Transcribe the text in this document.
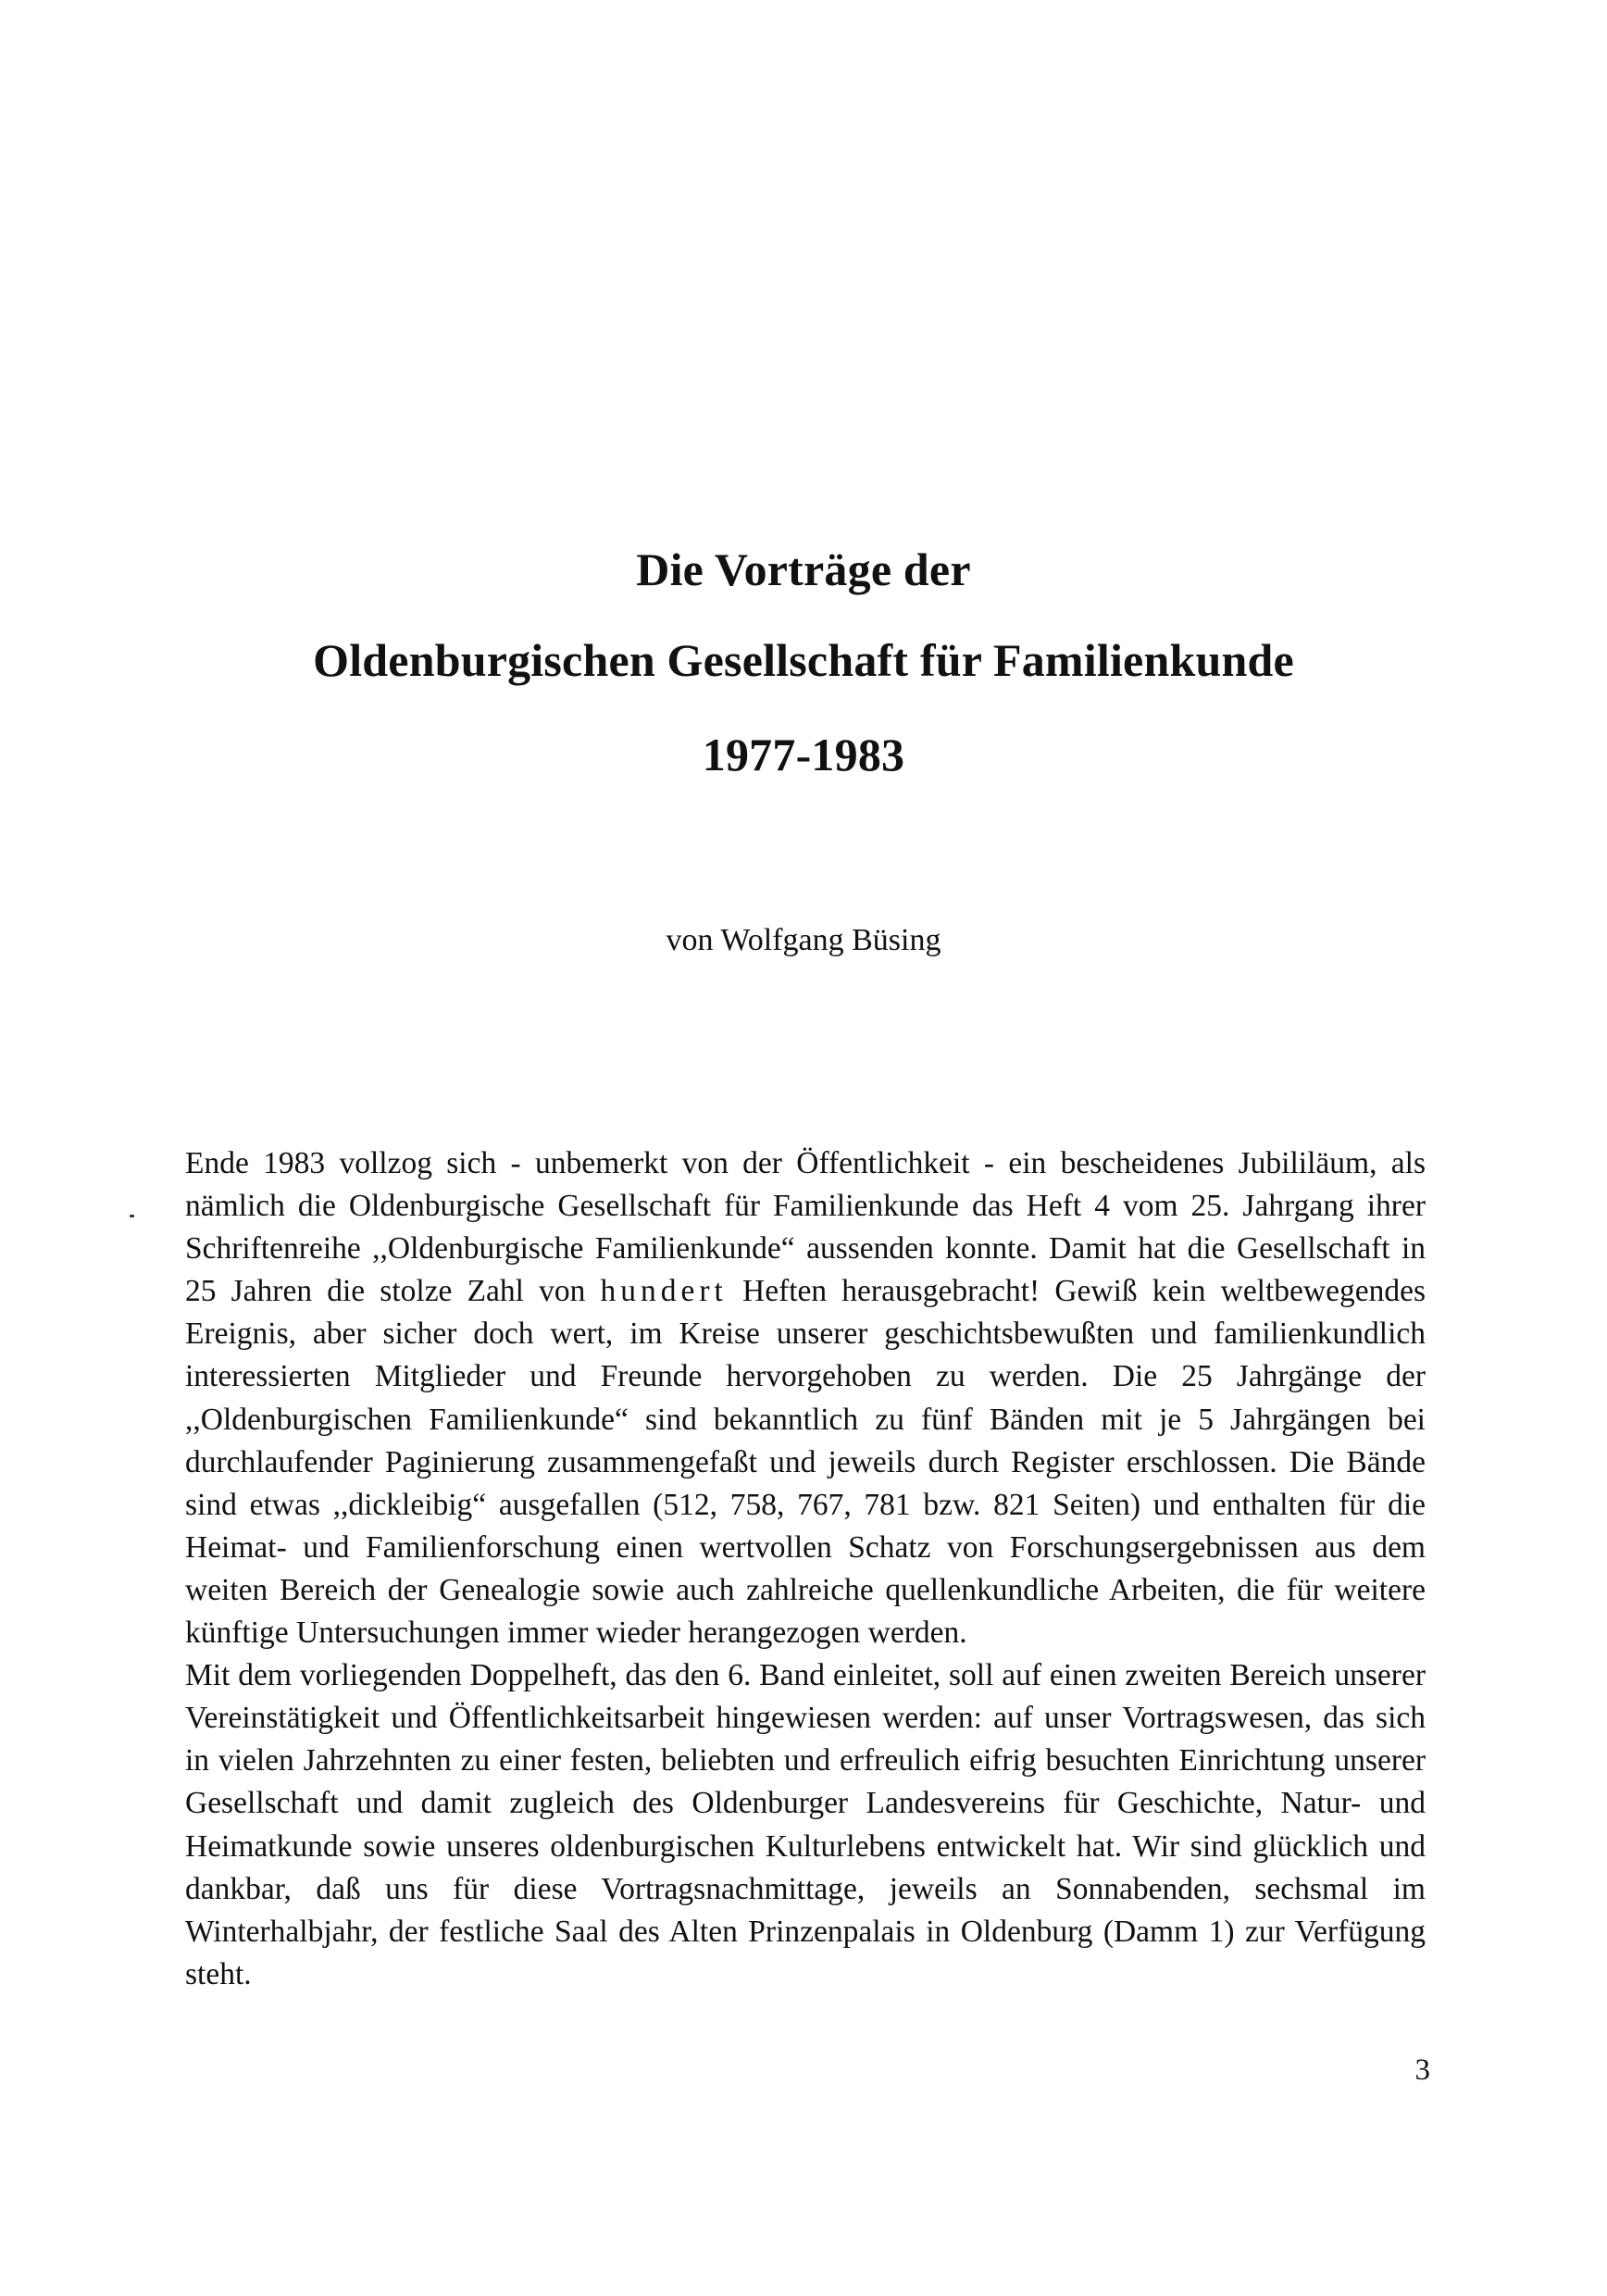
Die Vorträge der
Oldenburgischen Gesellschaft für Familienkunde
1977-1983
von Wolfgang Büsing

Ende 1983 vollzog sich - unbemerkt von der Öffentlichkeit - ein bescheidenes Jubililäum, als nämlich die Oldenburgische Gesellschaft für Familienkunde das Heft 4 vom 25. Jahrgang ihrer Schriftenreihe ,,Oldenburgische Familienkunde“ aussenden konnte. Damit hat die Gesellschaft in 25 Jahren die stolze Zahl von hundert Heften herausgebracht! Gewiß kein weltbewegendes Ereignis, aber sicher doch wert, im Kreise unserer geschichtsbewußten und familienkundlich interessierten Mitglieder und Freunde hervorgehoben zu werden. Die 25 Jahrgänge der ,,Oldenburgischen Familienkunde“ sind bekanntlich zu fünf Bänden mit je 5 Jahrgängen bei durchlaufender Paginierung zusammengefaßt und jeweils durch Register erschlossen. Die Bände sind etwas ,,dickleibig“ ausgefallen (512, 758, 767, 781 bzw. 821 Seiten) und enthalten für die Heimat- und Familienforschung einen wertvollen Schatz von Forschungsergebnissen aus dem weiten Bereich der Genealogie sowie auch zahlreiche quellenkundliche Arbeiten, die für weitere künftige Untersuchungen immer wieder herangezogen werden.

Mit dem vorliegenden Doppelheft, das den 6. Band einleitet, soll auf einen zweiten Bereich unserer Vereinstätigkeit und Öffentlichkeitsarbeit hingewiesen werden: auf unser Vortragswesen, das sich in vielen Jahrzehnten zu einer festen, beliebten und erfreulich eifrig besuchten Einrichtung unserer Gesellschaft und damit zugleich des Oldenburger Landesvereins für Geschichte, Natur- und Heimatkunde sowie unseres oldenburgischen Kulturlebens entwickelt hat. Wir sind glücklich und dankbar, daß uns für diese Vortragsnachmittage, jeweils an Sonnabenden, sechsmal im Winterhalbjahr, der festliche Saal des Alten Prinzenpalais in Oldenburg (Damm 1) zur Verfügung steht.

3
